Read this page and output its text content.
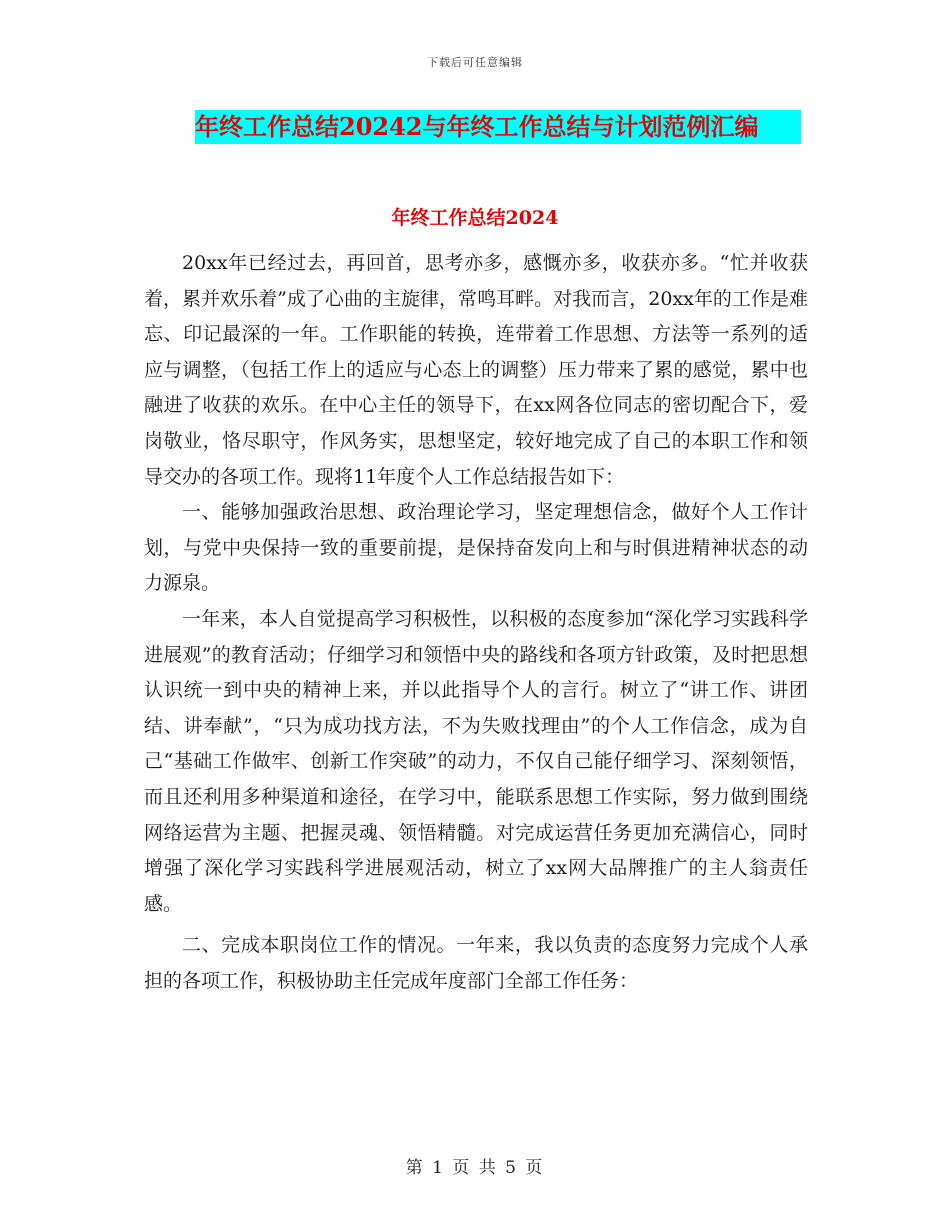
下载后可任意编辑
年终工作总结20242与年终工作总结与计划范例汇编
年终工作总结2024

20xx年已经过去，再回首，思考亦多，感慨亦多，收获亦多。“忙并收获着，累并欢乐着”成了心曲的主旋律，常鸣耳畔。对我而言，20xx年的工作是难忘、印记最深的一年。工作职能的转换，连带着工作思想、方法等一系列的适应与调整，（包括工作上的适应与心态上的调整）压力带来了累的感觉，累中也融进了收获的欢乐。在中心主任的领导下，在xx网各位同志的密切配合下，爱岗敬业，恪尽职守，作风务实，思想坚定，较好地完成了自己的本职工作和领导交办的各项工作。现将11年度个人工作总结报告如下：

一、能够加强政治思想、政治理论学习，坚定理想信念，做好个人工作计划，与党中央保持一致的重要前提，是保持奋发向上和与时俱进精神状态的动力源泉。

一年来，本人自觉提高学习积极性，以积极的态度参加“深化学习实践科学进展观”的教育活动；仔细学习和领悟中央的路线和各项方针政策，及时把思想认识统一到中央的精神上来，并以此指导个人的言行。树立了“讲工作、讲团结、讲奉献”，“只为成功找方法，不为失败找理由”的个人工作信念，成为自己“基础工作做牢、创新工作突破”的动力，不仅自己能仔细学习、深刻领悟，而且还利用多种渠道和途径，在学习中，能联系思想工作实际，努力做到围绕网络运营为主题、把握灵魂、领悟精髓。对完成运营任务更加充满信心，同时增强了深化学习实践科学进展观活动，树立了xx网大品牌推广的主人翁责任感。

二、完成本职岗位工作的情况。一年来，我以负责的态度努力完成个人承担的各项工作，积极协助主任完成年度部门全部工作任务：

第 1 页 共 5 页
